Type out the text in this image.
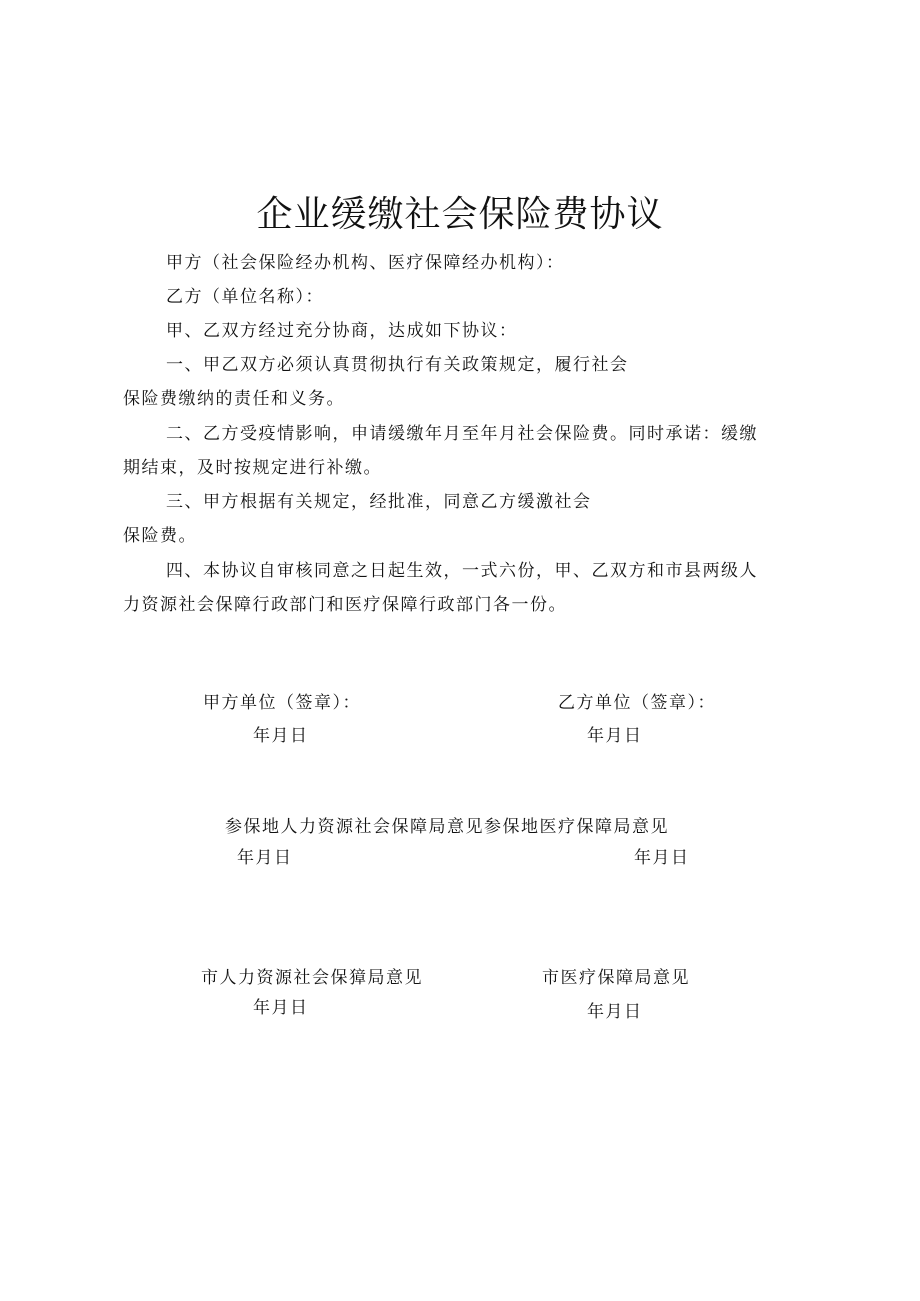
企业缓缴社会保险费协议

甲方（社会保险经办机构、医疗保障经办机构）：

乙方（单位名称）：

甲、乙双方经过充分协商，达成如下协议：

一、甲乙双方必须认真贯彻执行有关政策规定，履行社会

保险费缴纳的责任和义务。

二、乙方受疫情影响，申请缓缴年月至年月社会保险费。同时承诺：缓缴

期结束，及时按规定进行补缴。

三、甲方根据有关规定，经批准，同意乙方缓激社会

保险费。

四、本协议自审核同意之日起生效，一式六份，甲、乙双方和市县两级人

力资源社会保障行政部门和医疗保障行政部门各一份。

甲方单位（签章）：
年月日
乙方单位（签章）：
年月日
参保地人力资源社会保障局意见参保地医疗保障局意见
年月日	年月日
市人力资源社会保獐局意见
年月日
市医疗保障局意见
年月日
